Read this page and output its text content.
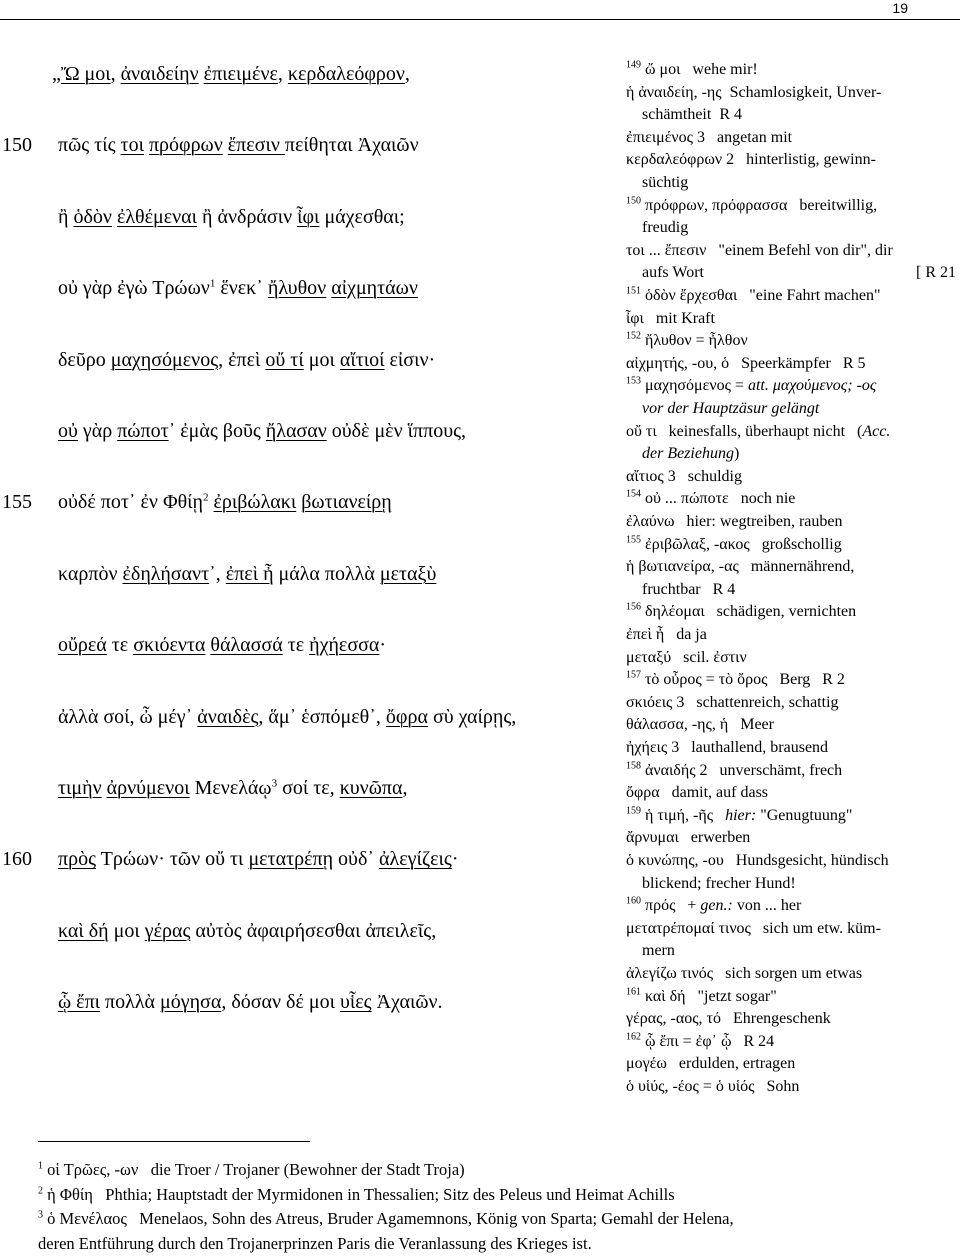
19
„Ὤ μοι, ἀναιδείην ἐπιειμένε, κερδαλεόφρον,
150	πῶς τίς τοι πρόφρων ἔπεσιν πείθηται Ἀχαιῶν
ἢ ὁδὸν ἐλθέμεναι ἢ ἀνδράσιν ἶφι μάχεσθαι;
οὐ γὰρ ἐγὼ Τρώων$^1$ ἕνεκ᾽ ἤλυθον αἰχμητάων
δεῦρο μαχησόμενος, ἐπεὶ οὔ τί μοι αἴτιοί εἰσιν·
οὐ γὰρ πώποτ᾽ ἐμὰς βοῦς ἤλασαν οὐδὲ μὲν ἵππους,
155	οὐδέ ποτ᾽ ἐν Φθίῃ$^2$ ἐριβώλακι βωτιανείρῃ
καρπὸν ἐδηλήσαντ᾽, ἐπεὶ ἦ μάλα πολλὰ μεταξὺ
οὔρεά τε σκιόεντα θάλασσά τε ἠχήεσσα·
ἀλλὰ σοί, ὦ μέγ᾽ ἀναιδὲς, ἅμ᾽ ἑσπόμεθ᾽, ὄφρα σὺ χαίρῃς,
τιμὴν ἀρνύμενοι Μενελάῳ$^3$ σοί τε, κυνῶπα,
160	πρὸς Τρώων· τῶν οὔ τι μετατρέπῃ οὐδ᾽ ἀλεγίζεις·
καὶ δή μοι γέρας αὐτὸς ἀφαιρήσεσθαι ἀπειλεῖς,
ᾧ ἔπι πολλὰ μόγησα, δόσαν δέ μοι υἷες Ἀχαιῶν.
$^{149}$ ὤ μοι   wehe mir!
ἡ ἀναιδείη, -ης  Schamlosigkeit, Unver-
schämtheit  R 4
ἐπιειμένος 3   angetan mit
κερδαλεόφρων 2   hinterlistig, gewinn-
süchtig
$^{150}$ πρόφρων, πρόφρασσα   bereitwillig,
freudig
τοι ... ἔπεσιν   "einem Befehl von dir", dir
aufs Wort	[ R 21
$^{151}$ ὁδὸν ἔρχεσθαι   "eine Fahrt machen"
ἶφι   mit Kraft
$^{152}$ ἤλυθον = ἦλθον
αἰχμητής, -ου, ὁ   Speerkämpfer   R 5
$^{153}$ μαχησόμενος = att. μαχούμενος; -ος
vor der Hauptzäsur gelängt
οὔ τι   keinesfalls, überhaupt nicht   (Acc.
der Beziehung)
αἴτιος 3   schuldig
$^{154}$ οὐ ... πώποτε   noch nie
ἐλαύνω   hier: wegtreiben, rauben
$^{155}$ ἐριβῶλαξ, -ακος   großschollig
ἡ βωτιανείρα, -ας   männernährend,
fruchtbar   R 4
$^{156}$ δηλέομαι   schädigen, vernichten
ἐπεὶ ἦ   da ja
μεταξύ   scil. ἐστιν
$^{157}$ τὸ οὖρος = τὸ ὄρος   Berg   R 2
σκιόεις 3   schattenreich, schattig
θάλασσα, -ης, ἡ   Meer
ἠχήεις 3   lauthallend, brausend
$^{158}$ ἀναιδής 2   unverschämt, frech
ὄφρα   damit, auf dass
$^{159}$ ἡ τιμή, -ῆς   hier: "Genugtuung"
ἄρνυμαι   erwerben
ὁ κυνώπης, -ου   Hundsgesicht, hündisch
blickend; frecher Hund!
$^{160}$ πρός   + gen.: von ... her
μετατρέπομαί τινος   sich um etw. küm-
mern
ἀλεγίζω τινός   sich sorgen um etwas
$^{161}$ καὶ δή   "jetzt sogar"
γέρας, -αος, τό   Ehrengeschenk
$^{162}$ ᾧ ἔπι = ἐφ᾽ ᾧ   R 24
μογέω   erdulden, ertragen
ὁ υἱύς, -έος = ὁ υἱός   Sohn
$^1$ οἱ Τρῶες, -ων   die Troer / Trojaner (Bewohner der Stadt Troja)
$^2$ ἡ Φθίη   Phthia; Hauptstadt der Myrmidonen in Thessalien; Sitz des Peleus und Heimat Achills
$^3$ ὁ Μενέλαος   Menelaos, Sohn des Atreus, Bruder Agamemnons, König von Sparta; Gemahl der Helena,
deren Entführung durch den Trojanerprinzen Paris die Veranlassung des Krieges ist.
